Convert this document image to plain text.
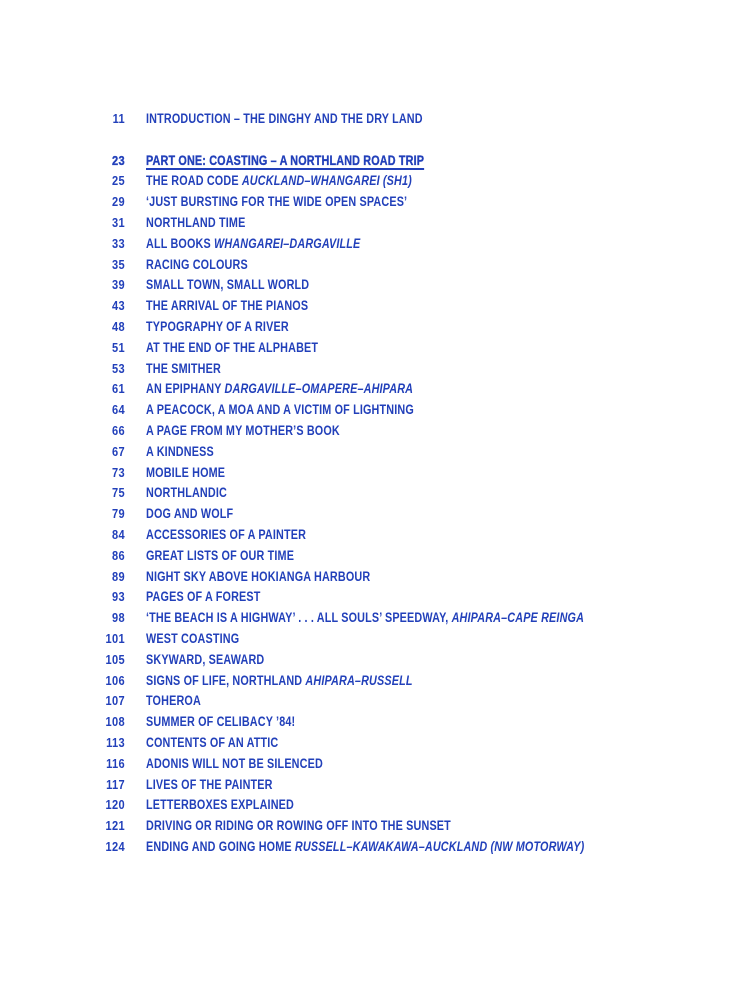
11 INTRODUCTION – THE DINGHY AND THE DRY LAND
23 PART ONE: COASTING – A NORTHLAND ROAD TRIP
25 THE ROAD CODE AUCKLAND–WHANGAREI (SH1)
29 ‘JUST BURSTING FOR THE WIDE OPEN SPACES’
31 NORTHLAND TIME
33 ALL BOOKS WHANGAREI–DARGAVILLE
35 RACING COLOURS
39 SMALL TOWN, SMALL WORLD
43 THE ARRIVAL OF THE PIANOS
48 TYPOGRAPHY OF A RIVER
51 AT THE END OF THE ALPHABET
53 THE SMITHER
61 AN EPIPHANY DARGAVILLE–OMAPERE–AHIPARA
64 A PEACOCK, A MOA AND A VICTIM OF LIGHTNING
66 A PAGE FROM MY MOTHER’S BOOK
67 A KINDNESS
73 MOBILE HOME
75 NORTHLANDIC
79 DOG AND WOLF
84 ACCESSORIES OF A PAINTER
86 GREAT LISTS OF OUR TIME
89 NIGHT SKY ABOVE HOKIANGA HARBOUR
93 PAGES OF A FOREST
98 ‘THE BEACH IS A HIGHWAY’ . . . ALL SOULS’ SPEEDWAY, AHIPARA–CAPE REINGA
101 WEST COASTING
105 SKYWARD, SEAWARD
106 SIGNS OF LIFE, NORTHLAND AHIPARA–RUSSELL
107 TOHEROA
108 SUMMER OF CELIBACY ’84!
113 CONTENTS OF AN ATTIC
116 ADONIS WILL NOT BE SILENCED
117 LIVES OF THE PAINTER
120 LETTERBOXES EXPLAINED
121 DRIVING OR RIDING OR ROWING OFF INTO THE SUNSET
124 ENDING AND GOING HOME RUSSELL–KAWAKAWA–AUCKLAND (NW MOTORWAY)
